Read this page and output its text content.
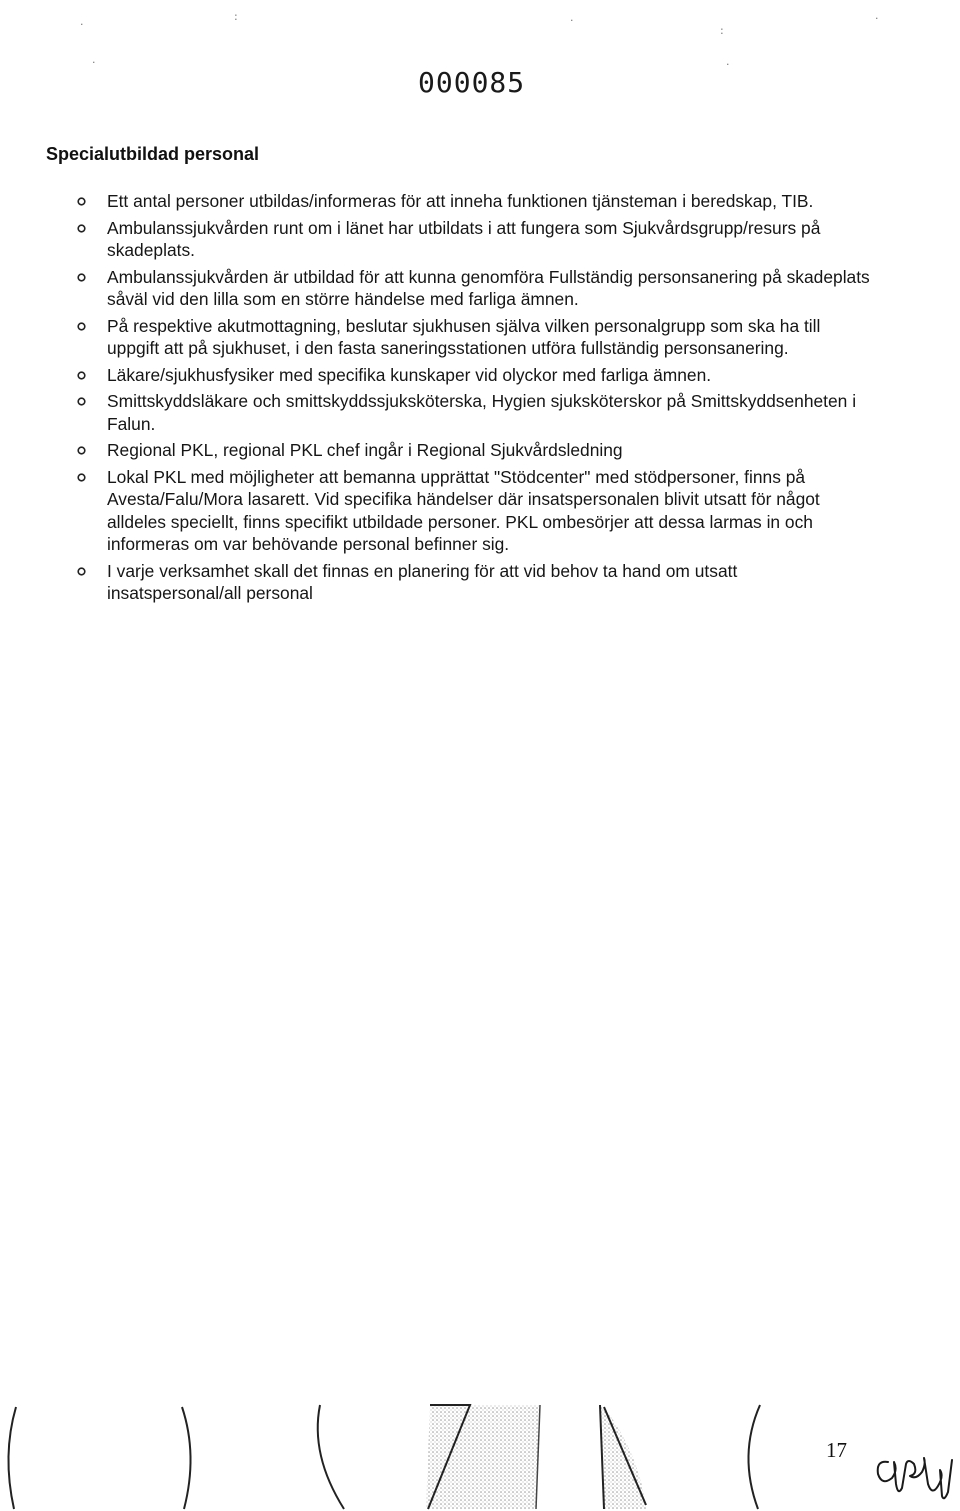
·
:	·
:
·
·	·
000085
Specialutbildad personal
Ett antal personer utbildas/informeras för att inneha funktionen tjänsteman i beredskap, TIB.
Ambulanssjukvården runt om i länet har utbildats i att fungera som Sjukvårdsgrupp/resurs på skadeplats.
Ambulanssjukvården är utbildad för att kunna genomföra Fullständig personsanering på skadeplats såväl vid den lilla som en större händelse med farliga ämnen.
På respektive akutmottagning, beslutar sjukhusen själva vilken personalgrupp som ska ha till uppgift att på sjukhuset, i den fasta saneringsstationen utföra fullständig personsanering.
Läkare/sjukhusfysiker med specifika kunskaper vid olyckor med farliga ämnen.
Smittskyddsläkare och smittskyddssjuksköterska, Hygien sjuksköterskor på Smittskyddsenheten i Falun.
Regional PKL, regional PKL chef ingår i Regional Sjukvårdsledning
Lokal PKL med möjligheter att bemanna upprättat "Stödcenter" med stödpersoner, finns på Avesta/Falu/Mora lasarett. Vid specifika händelser där insatspersonalen blivit utsatt för något alldeles speciellt, finns specifikt utbildade personer. PKL ombesörjer att dessa larmas in och informeras om var behövande personal befinner sig.
I varje verksamhet skall det finnas en planering för att vid behov ta hand om utsatt insatspersonal/all personal
17
